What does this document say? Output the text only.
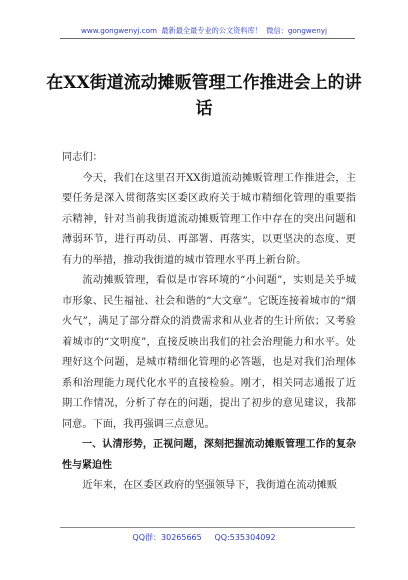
www.gongwenyj.com 最新最全最专业的公文资料库！ 微信：gongwenyj
在XX街道流动摊贩管理工作推进会上的讲话

同志们：

今天，我们在这里召开XX街道流动摊贩管理工作推进会，主要任务是深入贯彻落实区委区政府关于城市精细化管理的重要指示精神，针对当前我街道流动摊贩管理工作中存在的突出问题和薄弱环节，进行再动员、再部署、再落实，以更坚决的态度、更有力的举措，推动我街道的城市管理水平再上新台阶。

流动摊贩管理，看似是市容环境的“小问题”，实则是关乎城市形象、民生福祉、社会和谐的“大文章”。它既连接着城市的“烟火气”，满足了部分群众的消费需求和从业者的生计所依；又考验着城市的“文明度”，直接反映出我们的社会治理能力和水平。处理好这个问题，是城市精细化管理的必答题，也是对我们治理体系和治理能力现代化水平的直接检验。刚才，相关同志通报了近期工作情况，分析了存在的问题，提出了初步的意见建议，我都同意。下面，我再强调三点意见。

一、认清形势，正视问题，深刻把握流动摊贩管理工作的复杂性与紧迫性

近年来，在区委区政府的坚强领导下，我街道在流动摊贩

QQ群：30265665 QQ:535304092
